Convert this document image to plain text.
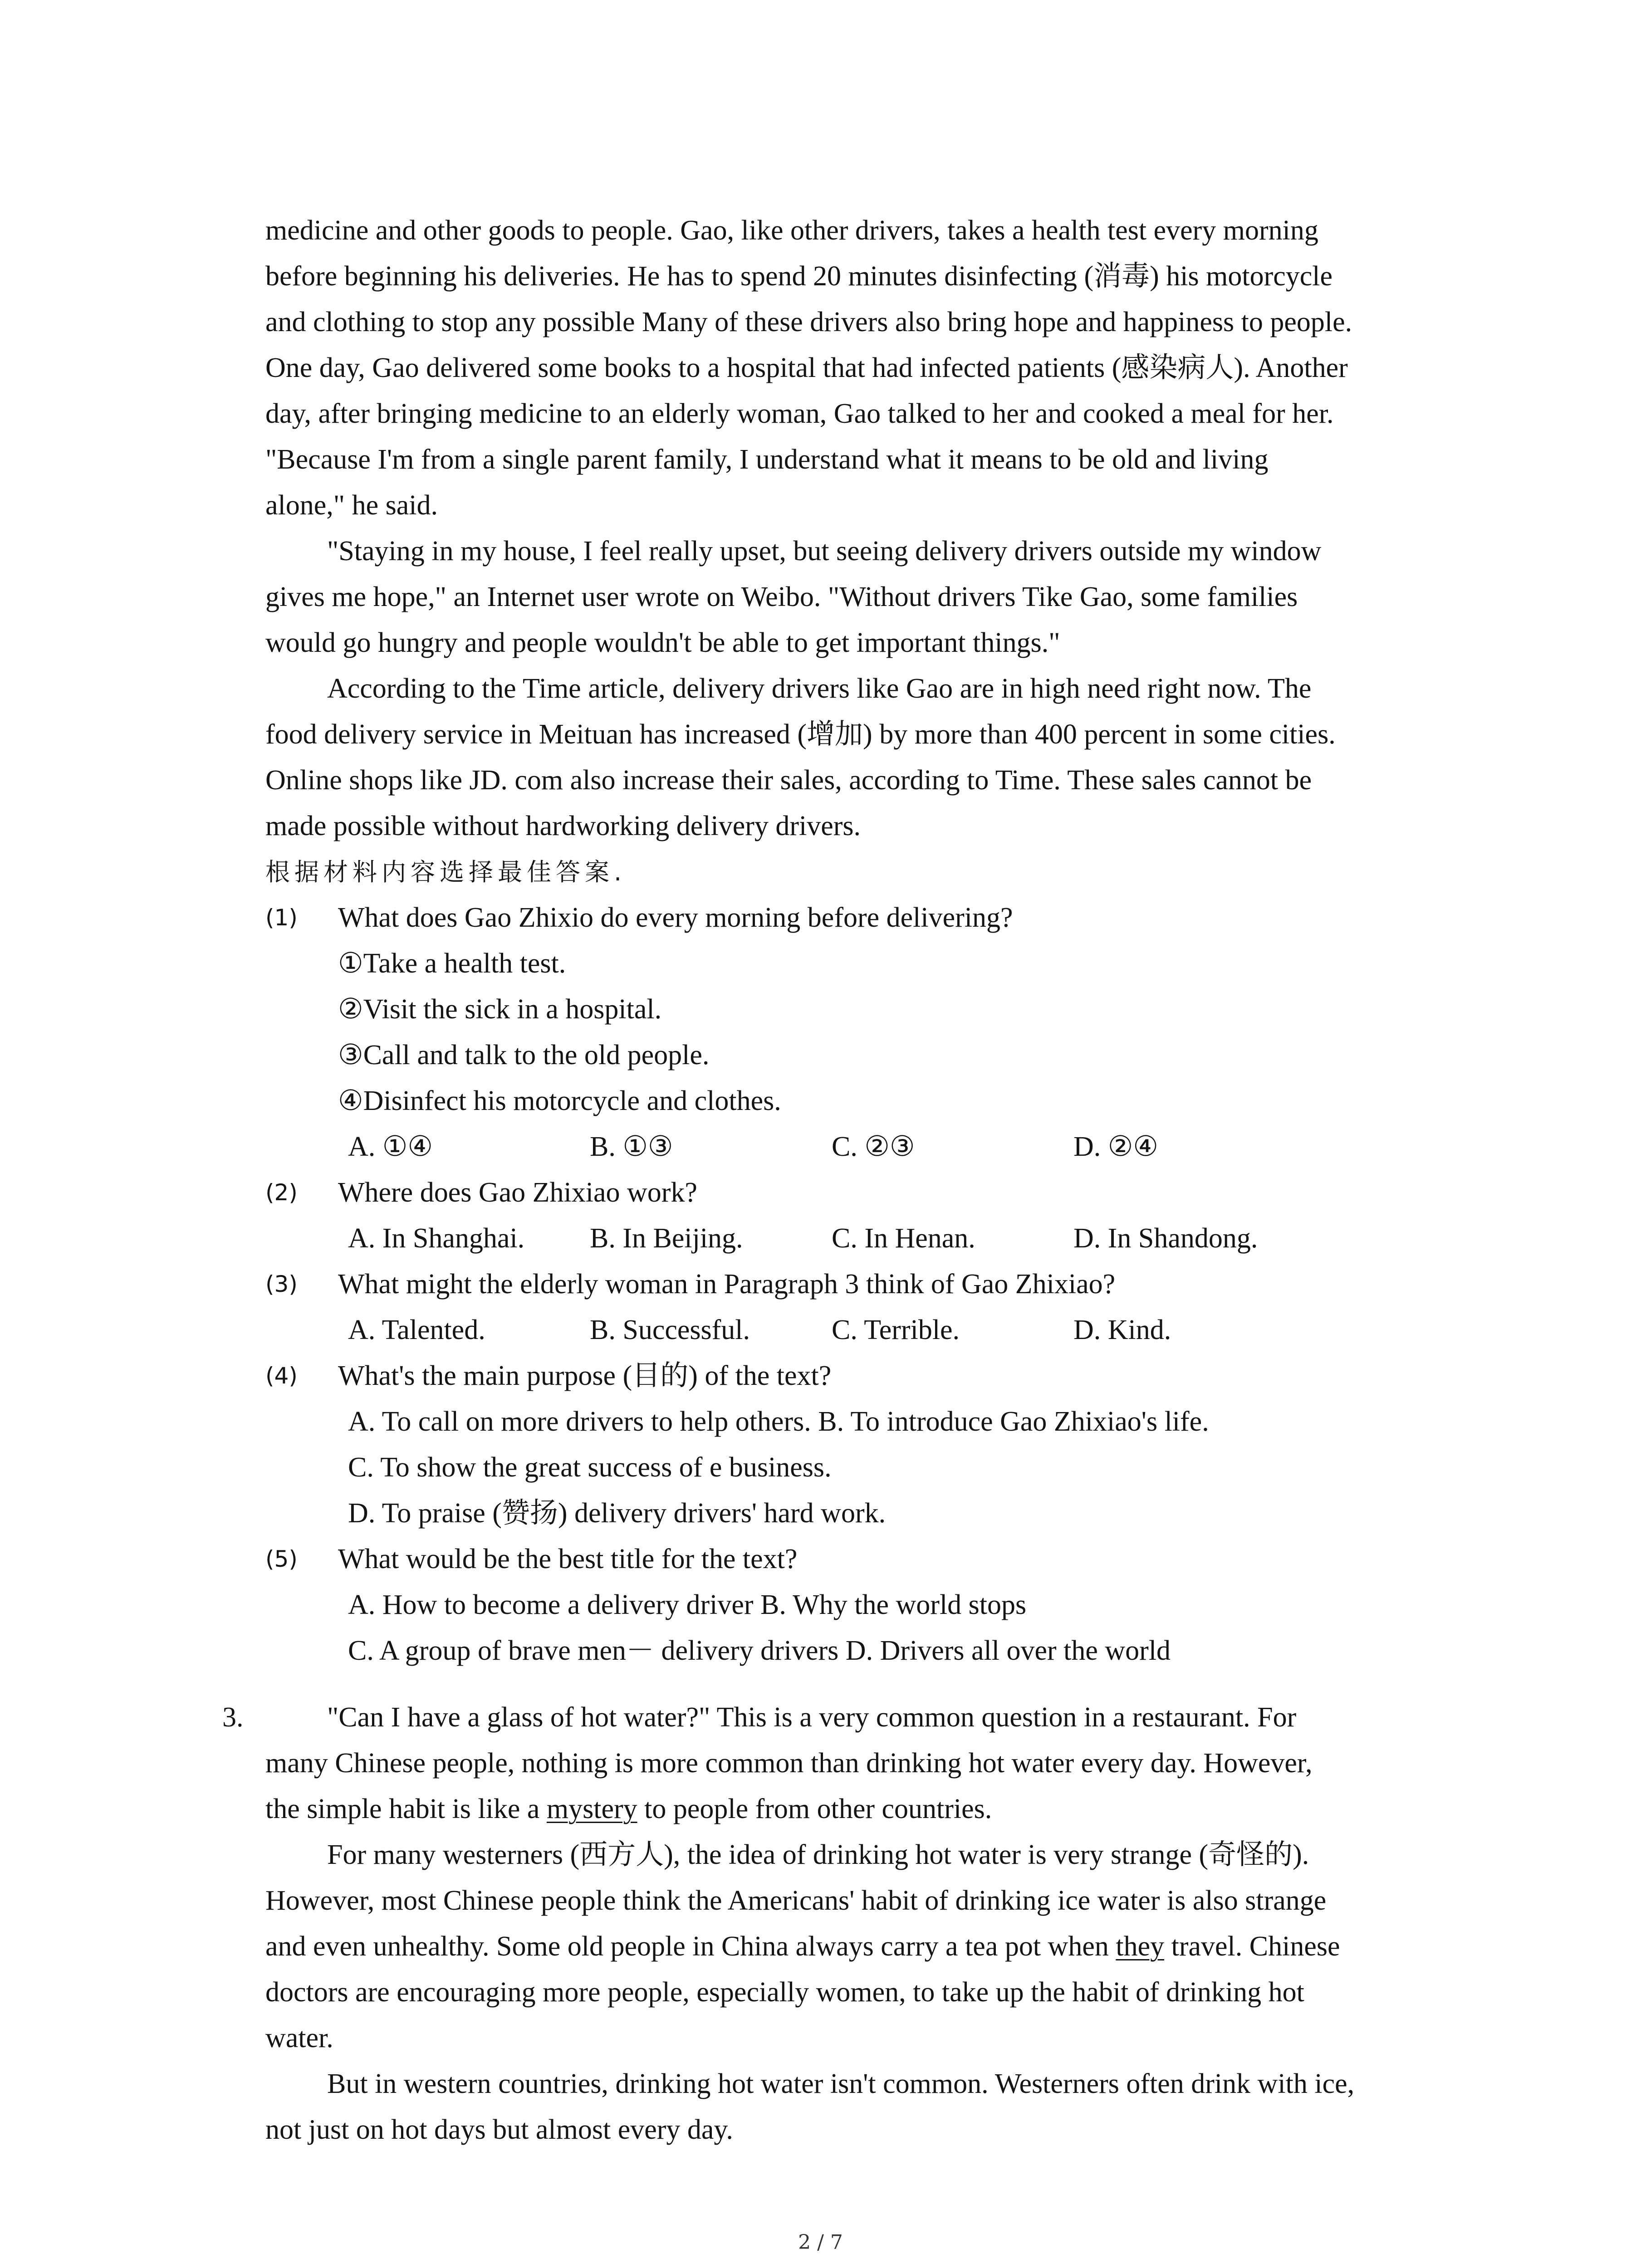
medicine and other goods to people. Gao, like other drivers, takes a health test every morning

before beginning his deliveries. He has to spend 20 minutes disinfecting (消毒) his motorcycle

and clothing to stop any possible Many of these drivers also bring hope and happiness to people.

One day, Gao delivered some books to a hospital that had infected patients (感染病人). Another

day, after bringing medicine to an elderly woman, Gao talked to her and cooked a meal for her.

"Because I'm from a single parent family, I understand what it means to be old and living

alone," he said.

"Staying in my house, I feel really upset, but seeing delivery drivers outside my window

gives me hope," an Internet user wrote on Weibo. "Without drivers Tike Gao, some families

would go hungry and people wouldn't be able to get important things."

According to the Time article, delivery drivers like Gao are in high need right now. The

food delivery service in Meituan has increased (增加) by more than 400 percent in some cities.

Online shops like JD. com also increase their sales, according to Time. These sales cannot be

made possible without hardworking delivery drivers.

根据材料内容选择最佳答案.

(1) What does Gao Zhixio do every morning before delivering?
①Take a health test.
②Visit the sick in a hospital.
③Call and talk to the old people.
④Disinfect his motorcycle and clothes.
A. ①④	B. ①③	C. ②③	D. ②④
(2) Where does Gao Zhixiao work?
A. In Shanghai.	B. In Beijing.	C. In Henan.	D. In Shandong.
(3) What might the elderly woman in Paragraph 3 think of Gao Zhixiao?
A. Talented.	B. Successful.	C. Terrible.	D. Kind.
(4) What's the main purpose (目的) of the text?
A. To call on more drivers to help others. B. To introduce Gao Zhixiao's life.
C. To show the great success of e business.
D. To praise (赞扬) delivery drivers' hard work.
(5) What would be the best title for the text?
A. How to become a delivery driver B. Why the world stops
C. A group of brave men－ delivery drivers D. Drivers all over the world
3.	"Can I have a glass of hot water?" This is a very common question in a restaurant. For

many Chinese people, nothing is more common than drinking hot water every day. However,

the simple habit is like a mystery to people from other countries.

For many westerners (西方人), the idea of drinking hot water is very strange (奇怪的).

However, most Chinese people think the Americans' habit of drinking ice water is also strange

and even unhealthy. Some old people in China always carry a tea pot when they travel. Chinese

doctors are encouraging more people, especially women, to take up the habit of drinking hot

water.

But in western countries, drinking hot water isn't common. Westerners often drink with ice,

not just on hot days but almost every day.

2 / 7
